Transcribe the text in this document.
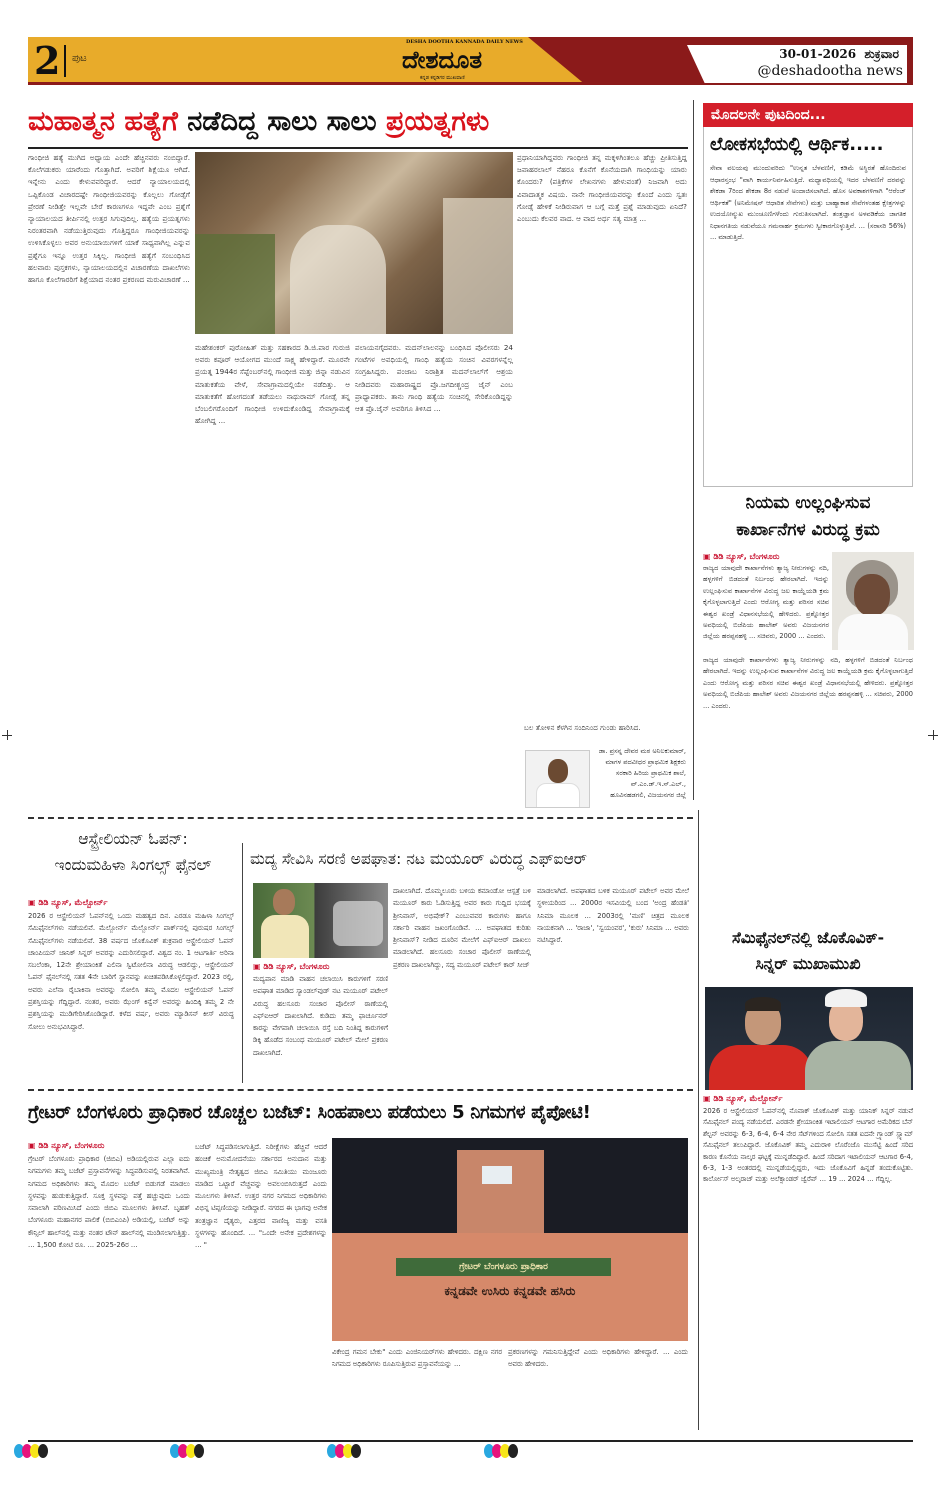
2 ಪುಟ
DESHA DOOTHA KANNADA DAILY NEWS
ದೇಶದೂತ
ಕನ್ನಡ ಕನ್ನಡಿಗರ ಮುಖವಾಣಿ
30-01-2026 ಶುಕ್ರವಾರ
@deshadootha news
ಮಹಾತ್ಮನ ಹತ್ಯೆಗೆ ನಡೆದಿದ್ದ ಸಾಲು ಸಾಲು ಪ್ರಯತ್ನಗಳು
ಗಾಂಧೀಜಿ ಹತ್ಯೆ ಮುಗಿದ ಅಧ್ಯಾಯ ಎಂದೇ ಹೆಚ್ಚಿನವರು ನಂಬಿದ್ದಾರೆ. ಕೊಲೆಗಡುಕರು ಯಾರೆಂದು ಗೊತ್ತಾಗಿದೆ. ಅವರಿಗೆ ಶಿಕ್ಷೆಯೂ ಆಗಿದೆ. ಇನ್ನೇನು ಎಂದು ಕೇಳುವವರಿದ್ದಾರೆ. ಆದರೆ ನ್ಯಾಯಾಲಯದಲ್ಲಿ ಒಪ್ಪಿಕೊಂಡ ವಿಚಾರದಷ್ಟೇ ಗಾಂಧೀಜಿಯವರನ್ನು ಕೊಲ್ಲಲು ಗೋಡ್ಸೆಗೆ ಪ್ರೇರಣೆ ನೀಡಿತ್ತೇ ಇಲ್ಲವೇ ಬೇರೆ ಕಾರಣಗಳೂ ಇದ್ದವೇ ಎಂಬ ಪ್ರಶ್ನೆಗೆ ನ್ಯಾಯಾಲಯದ ತೀರ್ಪಿನಲ್ಲಿ ಉತ್ತರ ಸಿಗುವುದಿಲ್ಲ. ಹತ್ಯೆಯ ಪ್ರಯತ್ನಗಳು ನಿರಂತರವಾಗಿ ನಡೆಯುತ್ತಿರುವುದು ಗೊತ್ತಿದ್ದರೂ ಗಾಂಧೀಜಿಯವರನ್ನು ಉಳಿಸಿಕೊಳ್ಳಲು ಅವರ ಅನುಯಾಯಿಗಳಿಗೆ ಯಾಕೆ ಸಾಧ್ಯವಾಗಿಲ್ಲ ಎನ್ನುವ ಪ್ರಶ್ನೆಗೂ ಇನ್ನೂ ಉತ್ತರ ಸಿಕ್ಕಿಲ್ಲ. ಗಾಂಧೀಜಿ ಹತ್ಯೆಗೆ ಸಂಬಂಧಿಸಿದ ಹಲವಾರು ಪುಸ್ತಕಗಳು, ನ್ಯಾಯಾಲಯದಲ್ಲಿನ ವಿಚಾರಣೆಯ ದಾಖಲೆಗಳು ಹಾಗೂ ಕೊಲೆಗಾರರಿಗೆ ಶಿಕ್ಷೆಯಾದ ನಂತರ ಪ್ರಕರಣದ ಮರುವಿಚಾರಣೆ ...
ಮಹೇಶಂಕರ್ ಪುರೋಹಿತ್ ಮತ್ತು ಸಹಕಾರದ ಡಿ.ಜಿ.ಪಾರ ಗುರುಜಿ ಅವರು ಕಪೂರ್ ಆಯೋಗದ ಮುಂದೆ ಸಾಕ್ಷ್ಯ ಹೇಳಿದ್ದಾರೆ. ಮೂರನೇ ಪ್ರಯತ್ನ 1944ರ ಸೆಪ್ಟೆಂಬರ್‌ನಲ್ಲಿ ಗಾಂಧೀಜಿ ಮತ್ತು ಜಿನ್ನಾ ನಡುವಿನ ಮಾತುಕತೆಯ ವೇಳೆ, ಸೇವಾಗ್ರಾಮದಲ್ಲಿಯೇ ನಡೆದಿತ್ತು. ಆ ಮಾತುಕತೆಗೆ ಹೋಗದಂತೆ ತಡೆಯಲು ನಾಥುರಾಮ್ ಗೋಡ್ಸೆ ತನ್ನ ಬೆಂಬಲಿಗರೊಂದಿಗೆ ಗಾಂಧೀಜಿ ಉಳಿದುಕೊಂಡಿದ್ದ ಸೇವಾಗ್ರಾಮಕ್ಕೆ ಹೋಗಿದ್ದ ...
ಪಲಾಯನಗೈದವರು. ಮದನ್‌ಲಾಲನನ್ನು ಬಂಧಿಸಿದ ಪೊಲೀಸರು 24 ಗಂಟೆಗಳ ಅವಧಿಯಲ್ಲಿ ಗಾಂಧಿ ಹತ್ಯೆಯ ಸಂಚಿನ ವಿವರಗಳನ್ನೆಲ್ಲ ಸಂಗ್ರಹಿಸಿದ್ದರು. ಪಂಜಾಬ ನಿರಾಶ್ರಿತ ಮದನ್‌ಲಾಲ್‌ಗೆ ಆಶ್ರಯ ನೀಡಿದವರು ಮಹಾರಾಷ್ಟ್ರದ ಪ್ರೊ.ಜಗದೀಶ್ಚಂದ್ರ ಜೈನ್ ಎಂಬ ಪ್ರಾಧ್ಯಾಪಕರು. ತಾನು ಗಾಂಧಿ ಹತ್ಯೆಯ ಸಂಚಿನಲ್ಲಿ ಸೇರಿಕೊಂಡಿದ್ದನ್ನು ಆತ ಪ್ರೊ.ಜೈನ್ ಅವರಿಗೂ ತಿಳಿಸಿದ ...
ಪ್ರಧಾನಿಯಾಗಿದ್ದವರು ಗಾಂಧೀಜಿ ತನ್ನ ಮಕ್ಕಳಿಗಿಂತಲೂ ಹೆಚ್ಚು ಪ್ರೀತಿಸುತ್ತಿದ್ದ ಜವಾಹರಲಾಲ್ ನೆಹರೂ ಕೊನೆಗೆ ಕೊನೆಯದಾಗಿ ಗಾಂಧಿಯನ್ನು ಯಾರು ಕೊಂದರು? (ಪತ್ರಿಕೆಗಳ ಲೇಖನಗಳು ಹೇಳುವಂತೆ) ನಿಜವಾಗಿ ಅದು ವಿವಾದಾತ್ಮಕ ವಿಷಯ. ನಾನೇ ಗಾಂಧೀಜಿಯವರನ್ನು ಕೊಂದೆ ಎಂದು ಸ್ವತಃ ಗೋಡ್ಸೆ ಹೇಳಿಕೆ ನೀಡಿರುವಾಗ ಆ ಬಗ್ಗೆ ಮತ್ತೆ ಪ್ರಶ್ನೆ ಮಾಡುವುದು ಏನಿದೆ? ಎಂಬುದು ಕೆಲವರ ವಾದ. ಆ ವಾದ ಅರ್ಧ ಸತ್ಯ ಮಾತ್ರ ...
ಬಲ ತೋಳಿನ ಕೆಳಗಿನ ಸಂದಿನಿಂದ ಗುಂಡು ಹಾರಿಸಿದ.
ಡಾ. ಪ್ರಸನ್ನ ದೇವರ ಮಠ ಅನಿಲಕುಮಾರ್, ಮಾಗಳ ಪದವೀಧರ ಪ್ರಾಥಮಿಕ ಶಿಕ್ಷಕರು ಸರಕಾರಿ ಹಿರಿಯ ಪ್ರಾಥಮಿಕ ಶಾಲೆ, ವ್.ಎಂ.ಡ್.ಇ.ಸ್.ಎಲ್., ಹೂವಿನಹಡಗಲಿ, ವಿಜಯನಗರ ಜಿಲ್ಲೆ
ಮೊದಲನೇ ಪುಟದಿಂದ...
ಲೋಕಸಭೆಯಲ್ಲಿ ಆರ್ಥಿಕ.....
ಸೇವಾ ವಲಯವು ಮುಂದುವರಿದು "ಉನ್ನತ ಬೆಳವಣಿಗೆ, ಕಡಿಮೆ ಅಸ್ಥಿರತೆ ಹೊಂದಿರುವ ಆಧಾರಸ್ತಂಭ "ವಾಗಿ ಕಾರ್ಯನಿರ್ವಹಿಸುತ್ತಿದೆ. ಮಧ್ಯಾವಧಿಯಲ್ಲಿ ಇದರ ಬೆಳವಣಿಗೆ ದರವನ್ನು ಶೇಕಡಾ 7ರಿಂದ ಶೇಕಡಾ 8ರ ನಡುವೆ ಅಂದಾಜಿಸಲಾಗಿದೆ. ಹೊಸ ಅವಕಾಶಗಳಿಗಾಗಿ "ಆರೆಂಜ್ ಆರ್ಥಿಕತೆ" (ಅನಿಮೇಷನ್ ಆಧಾರಿತ ಸೇವೆಗಳು) ಮತ್ತು ಬಾಹ್ಯಾಕಾಶ ಸೇವೆಗಳಂತಹ ಕ್ಷೇತ್ರಗಳನ್ನು ಉದಯೋನ್ಮುಖ ಮುಂಚೂಣಿಗಳೆಂದು ಗುರುತಿಸಲಾಗಿದೆ. ತಂತ್ರಜ್ಞಾನ ಅಳವಡಿಕೆಯ ಜಾಗತಿಕ ನಿಧಾನಗತಿಯ ನಡುವೆಯೂ ಗಮನಾರ್ಹ ಕ್ರಮಗಳು ಸ್ವೀಕಾರಗೊಳ್ಳುತ್ತಿವೆ. ... (ಸರಾಸರಿ 56%) ... ಮಾಡುತ್ತಿದೆ.
ನಿಯಮ ಉಲ್ಲಂಘಿಸುವ
ಕಾರ್ಖಾನೆಗಳ ವಿರುದ್ಧ ಕ್ರಮ
▣ ಡಿಡಿ ನ್ಯೂಸ್, ಬೆಂಗಳೂರು
ರಾಜ್ಯದ ಯಾವುದೇ ಕಾರ್ಖಾನೆಗಳು ತ್ಯಾಜ್ಯ ನೀರುಗಳನ್ನು ನದಿ, ಹಳ್ಳಗಳಿಗೆ ಬಿಡದಂತೆ ನಿರ್ಬಂಧ ಹೇರಲಾಗಿದೆ. ಇದನ್ನು ಉಲ್ಲಂಘಿಸುವ ಕಾರ್ಖಾನೆಗಳ ವಿರುದ್ಧ ಜಲ ಕಾಯ್ದೆಯಡಿ ಕ್ರಮ ಕೈಗೊಳ್ಳಲಾಗುತ್ತಿದೆ ಎಂದು ಆರೋಗ್ಯ ಮತ್ತು ಪರಿಸರ ಸಚಿವ ಈಶ್ವರ ಖಂಡ್ರೆ ವಿಧಾನಸಭೆಯಲ್ಲಿ ಹೇಳಿದರು. ಪ್ರಶ್ನೋತ್ತರ ಅವಧಿಯಲ್ಲಿ ಬಿಜೆಪಿಯ ಹಾಲೇಶ್ ಅವರು ವಿಜಯನಗರ ಜಿಲ್ಲೆಯ ಹರಪ್ಪನಹಳ್ಳಿ ... ಸಚಿವರು, 2000 ... ಎಂದರು.
ರಾಜ್ಯದ ಯಾವುದೇ ಕಾರ್ಖಾನೆಗಳು ತ್ಯಾಜ್ಯ ನೀರುಗಳನ್ನು ನದಿ, ಹಳ್ಳಗಳಿಗೆ ಬಿಡದಂತೆ ನಿರ್ಬಂಧ ಹೇರಲಾಗಿದೆ. ಇದನ್ನು ಉಲ್ಲಂಘಿಸುವ ಕಾರ್ಖಾನೆಗಳ ವಿರುದ್ಧ ಜಲ ಕಾಯ್ದೆಯಡಿ ಕ್ರಮ ಕೈಗೊಳ್ಳಲಾಗುತ್ತಿದೆ ಎಂದು ಆರೋಗ್ಯ ಮತ್ತು ಪರಿಸರ ಸಚಿವ ಈಶ್ವರ ಖಂಡ್ರೆ ವಿಧಾನಸಭೆಯಲ್ಲಿ ಹೇಳಿದರು. ಪ್ರಶ್ನೋತ್ತರ ಅವಧಿಯಲ್ಲಿ ಬಿಜೆಪಿಯ ಹಾಲೇಶ್ ಅವರು ವಿಜಯನಗರ ಜಿಲ್ಲೆಯ ಹರಪ್ಪನಹಳ್ಳಿ ... ಸಚಿವರು, 2000 ... ಎಂದರು.
ಸೆಮಿಫೈನಲ್‌ನಲ್ಲಿ ಜೊಕೊವಿಕ್-
ಸಿನ್ನರ್ ಮುಖಾಮುಖಿ
▣ ಡಿಡಿ ನ್ಯೂಸ್, ಮೆಲ್ಬೋರ್ನ್
2026 ರ ಆಸ್ಟ್ರೇಲಿಯನ್ ಓಪನ್‌ನಲ್ಲಿ ನೊವಾಕ್ ಜೊಕೊವಿಕ್ ಮತ್ತು ಯಾನಿಕ್ ಸಿನ್ನರ್ ನಡುವೆ ಸೆಮಿಫೈನಲ್ ಪಂದ್ಯ ನಡೆಯಲಿದೆ. ಎರಡನೇ ಶ್ರೇಯಾಂಕಿತ ಇಟಾಲಿಯನ್ ಆಟಗಾರ ಅಮೆರಿಕದ ಬೆನ್ ಶೆಲ್ಟನ್ ಅವರನ್ನು 6-3, 6-4, 6-4 ನೇರ ಸೆಟ್‌ಗಳಿಂದ ಸೋಲಿಸಿ ಸತತ ಐದನೇ ಗ್ರ್ಯಾಂಡ್ ಸ್ಲ್ಯಾಮ್ ಸೆಮಿಫೈನಲ್ ತಲುಪಿದ್ದಾರೆ. ಜೊಕೊವಿಕ್ ತಮ್ಮ ಎದುರಾಳಿ ಲೊರೆಂಜೊ ಮುಸೆಟ್ಟಿ ಹಿಂದೆ ಸರಿದ ಕಾರಣ ಕೊನೆಯ ನಾಲ್ಕರ ಘಟ್ಟಕ್ಕೆ ಮುನ್ನಡೆದಿದ್ದಾರೆ. ಹಿಂದೆ ಸರಿದಾಗ ಇಟಾಲಿಯನ್ ಆಟಗಾರ 6-4, 6-3, 1-3 ಅಂತರದಲ್ಲಿ ಮುನ್ನಡೆಯಲ್ಲಿದ್ದರು, ಇದು ಜೊಕೊವಿಗೆ ಹಿನ್ನಡೆ ತಂದುಕೊಟ್ಟಿತು. ಕಾರ್ಲೋಸ್ ಅಲ್ಕರಾಜ್ ಮತ್ತು ಅಲೆಕ್ಸಾಂಡರ್ ಜ್ವೆರೆವ್ ... 19 ... 2024 ... ಗೆದ್ದಿಲ್ಲ.
ಆಸ್ಟ್ರೇಲಿಯನ್ ಓಪನ್:
ಇಂದುಮಹಿಳಾ ಸಿಂಗಲ್ಸ್ ಫೈನಲ್
▣ ಡಿಡಿ ನ್ಯೂಸ್, ಮೆಲ್ಬೋರ್ನ್
2026 ರ ಆಸ್ಟ್ರೇಲಿಯನ್ ಓಪನ್‌ನಲ್ಲಿ ಒಂದು ಮಹತ್ವದ ದಿನ. ಎರಡೂ ಮಹಿಳಾ ಸಿಂಗಲ್ಸ್ ಸೆಮಿಫೈನಲ್‌ಗಳು ನಡೆಯಲಿವೆ. ಮೆಲ್ಬೋರ್ನ್ ಮೆಲ್ಬೋರ್ನ್ ಪಾರ್ಕ್‌ನಲ್ಲಿ ಪುರುಷರ ಸಿಂಗಲ್ಸ್ ಸೆಮಿಫೈನಲ್‌ಗಳು ನಡೆಯಲಿವೆ. 38 ವರ್ಷದ ಜೊಕೊವಿಕ್ ಶುಕ್ರವಾರ ಆಸ್ಟ್ರೇಲಿಯನ್ ಓಪನ್ ಚಾಂಪಿಯನ್ ಜಾನಿಕ್ ಸಿನ್ನರ್ ಅವರನ್ನು ಎದುರಿಸಲಿದ್ದಾರೆ. ವಿಶ್ವದ ನಂ. 1 ಆಟಗಾರ್ತಿ ಅರಿನಾ ಸಬಲೆಂಕಾ, 12ನೇ ಶ್ರೇಯಾಂಕಿತೆ ಎಲಿನಾ ಸ್ವಿಟೋಲಿನಾ ವಿರುದ್ಧ ಆಡಲಿದ್ದು, ಆಸ್ಟ್ರೇಲಿಯನ್ ಓಪನ್ ಫೈನಲ್‌ನಲ್ಲಿ ಸತತ 4ನೇ ಬಾರಿಗೆ ಸ್ಥಾನವನ್ನು ಖಚಿತಪಡಿಸಿಕೊಳ್ಳಲಿದ್ದಾರೆ. 2023 ರಲ್ಲಿ, ಅವರು ಎಲೆನಾ ರೈಬಾಕಿನಾ ಅವರನ್ನು ಸೋಲಿಸಿ ತಮ್ಮ ಮೊದಲ ಆಸ್ಟ್ರೇಲಿಯನ್ ಓಪನ್ ಪ್ರಶಸ್ತಿಯನ್ನು ಗೆದ್ದಿದ್ದಾರೆ. ನಂತರ, ಅವರು ಝೆಂಗ್ ಕಿನ್ವೆನ್ ಅವರನ್ನು ಹಿಂದಿಕ್ಕಿ ತಮ್ಮ 2 ನೇ ಪ್ರಶಸ್ತಿಯನ್ನು ಮುಡಿಗೇರಿಸಿಕೊಂಡಿದ್ದಾರೆ. ಕಳೆದ ವರ್ಷ, ಅವರು ಮ್ಯಾಡಿಸನ್ ಕೀಸ್ ವಿರುದ್ಧ ಸೋಲು ಅನುಭವಿಸಿದ್ದಾರೆ.
ಮದ್ಯ ಸೇವಿಸಿ ಸರಣಿ ಅಪಘಾತ: ನಟ ಮಯೂರ್ ವಿರುದ್ಧ ಎಫ್‌ಐಆರ್
▣ ಡಿಡಿ ನ್ಯೂಸ್, ಬೆಂಗಳೂರು
ಮದ್ಯಪಾನ ಮಾಡಿ ವಾಹನ ಚಲಾಯಿಸಿ ಕಾರುಗಳಿಗೆ ಸರಣಿ ಅಪಘಾತ ಮಾಡಿದ ಸ್ಯಾಂಡಲ್‌ವುಡ್ ನಟ ಮಯೂರ್ ಪಟೇಲ್ ವಿರುದ್ಧ ಹಲಸೂರು ಸಂಚಾರ ಪೊಲೀಸ್ ಠಾಣೆಯಲ್ಲಿ ಎಫ್‌ಐಆರ್ ದಾಖಲಾಗಿದೆ. ಕುಡಿದು ತಮ್ಮ ಫಾರ್ಚೂನರ್ ಕಾರನ್ನು ವೇಗವಾಗಿ ಚಲಾಯಿಸಿ ರಸ್ತೆ ಬದಿ ನಿಂತಿದ್ದ ಕಾರುಗಳಿಗೆ ಡಿಕ್ಕಿ ಹೊಡೆದ ಸಂಬಂಧ ಮಯೂರ್ ಪಟೇಲ್ ಮೇಲೆ ಪ್ರಕರಣ ದಾಖಲಾಗಿದೆ.
ದಾಖಲಾಗಿದೆ. ದೊಮ್ಮಲೂರು ಬಳಿಯ ಕಮಾಂಡೋ ಆಸ್ಪತ್ರೆ ಬಳಿ ಮಯೂರ್ ಕಾರು ಓಡಿಸುತ್ತಿದ್ದ ಅವರ ಕಾರು ಗುದ್ದಿದ ಭಯಕ್ಕೆ ಶ್ರೀನಿವಾಸ್, ಅಭಿಷೇಕ್? ಎಂಬುವವರ ಕಾರುಗಳು ಹಾಗೂ ಸರ್ಕಾರಿ ವಾಹನ ಜಖಂಗೊಂಡಿವೆ. ... ಅಪಘಾತದ ಕುರಿತು ಶ್ರೀನಿವಾಸ್? ನೀಡಿದ ದೂರಿನ ಮೇಲೆಗೆ ಎಫ್‌ಐಆರ್ ದಾಖಲು ಮಾಡಲಾಗಿದೆ. ಹಲಸೂರು ಸಂಚಾರ ಪೊಲೀಸ್ ಠಾಣೆಯಲ್ಲಿ ಪ್ರಕರಣ ದಾಖಲಾಗಿದ್ದು, ಸದ್ಯ ಮಯೂರ್ ಪಟೇಲ್ ಕಾರ್ ಸೀಜ್
ಮಾಡಲಾಗಿದೆ. ಅಪಘಾತದ ಬಳಿಕ ಮಯೂರ್ ಪಟೇಲ್ ಅವರ ಮೇಲೆ ಸ್ಥಳೀಯರಿಂದ ... 2000ರ ಇಸವಿಯಲ್ಲಿ ಬಂದ 'ಅಂದ್ರ ಹೆಂಡತಿ' ಸಿನಿಮಾ ಮೂಲಕ ... 2003ರಲ್ಲಿ 'ಮಣಿ' ಚಿತ್ರದ ಮೂಲಕ ನಾಯಕನಾಗಿ ... 'ರಾಜಾ', 'ಸ್ವಯಂವರ', 'ಕುರು' ಸಿನಿಮಾ ... ಅವರು ನಟಿಸಿದ್ದಾರೆ.
ಗ್ರೇಟರ್ ಬೆಂಗಳೂರು ಪ್ರಾಧಿಕಾರ ಚೊಚ್ಚಲ ಬಜೆಟ್: ಸಿಂಹಪಾಲು ಪಡೆಯಲು 5 ನಿಗಮಗಳ ಪೈಪೋಟಿ!
▣ ಡಿಡಿ ನ್ಯೂಸ್, ಬೆಂಗಳೂರು
ಗ್ರೇಟರ್ ಬೆಂಗಳೂರು ಪ್ರಾಧಿಕಾರ (ಜಿಬಿಎ) ಅಡಿಯಲ್ಲಿರುವ ಎಲ್ಲಾ ಐದು ನಿಗಮಗಳು ತಮ್ಮ ಬಜೆಟ್ ಪ್ರಸ್ತಾವನೆಗಳನ್ನು ಸಿದ್ಧಪಡಿಸುವಲ್ಲಿ ನಿರತವಾಗಿವೆ. ನಿಗಮದ ಅಧಿಕಾರಿಗಳು ತಮ್ಮ ಮೊದಲ ಬಜೆಟ್ ಬಿಡುಗಡೆ ಮಾಡಲು ಸ್ಥಳವನ್ನು ಹುಡುಕುತ್ತಿದ್ದಾರೆ. ಸೂಕ್ತ ಸ್ಥಳವನ್ನು ಪತ್ತೆ ಹಚ್ಚುವುದು ಒಂದು ಸವಾಲಾಗಿ ಪರಿಣಮಿಸಿದೆ ಎಂದು ಜಿಬಿಎ ಮೂಲಗಳು ತಿಳಿಸಿವೆ. ಬೃಹತ್ ಬೆಂಗಳೂರು ಮಹಾನಗರ ಪಾಲಿಕೆ (ಬಿಬಿಎಂಪಿ) ಅಡಿಯಲ್ಲಿ, ಬಜೆಟ್ ಅನ್ನು ಕೌನ್ಸಿಲ್ ಹಾಲ್‌ನಲ್ಲಿ ಮತ್ತು ನಂತರ ಟೌನ್ ಹಾಲ್‌ನಲ್ಲಿ ಮಂಡಿಸಲಾಗುತ್ತಿತ್ತು. ... 1,500 ಕೋಟಿ ರೂ. ... 2025-26ರ ...
ಬಜೆಟ್ ಸಿದ್ಧಪಡಿಸಲಾಗುತ್ತಿದೆ. ನಿರೀಕ್ಷೆಗಳು ಹೆಚ್ಚಿವೆ ಆದರೆ ಹಂಚಿಕೆ ಅನುಮೋದನೆಯು ಸರ್ಕಾರದ ಅನುದಾನ ಮತ್ತು ಮುಖ್ಯಮಂತ್ರಿ ನೇತೃತ್ವದ ಜಿಬಿಎ ಸಮಿತಿಯು ಮಂಜೂರು ಮಾಡಿದ ಒಟ್ಟಾರೆ ವೆಚ್ಚವನ್ನು ಅವಲಂಬಿಸಿರುತ್ತದೆ ಎಂದು ಮೂಲಗಳು ತಿಳಿಸಿವೆ. ಉತ್ತರ ನಗರ ನಿಗಮದ ಅಧಿಕಾರಿಗಳು ವಿಭಿನ್ನ ಟಿಪ್ಪಣಿಯನ್ನು ನೀಡಿದ್ದಾರೆ. ನಗರದ ಈ ಭಾಗವು ಅನೇಕ ತಂತ್ರಜ್ಞಾನ ದೈತ್ಯರು, ಎತ್ತರದ ವಾಣಿಜ್ಯ ಮತ್ತು ವಸತಿ ಸ್ಥಳಗಳನ್ನು ಹೊಂದಿದೆ. ... "ಒಂದೇ ಅನೇಕ ಪ್ರದೇಶಗಳನ್ನು ... "
ಗ್ರೇಟರ್ ಬೆಂಗಳೂರು ಪ್ರಾಧಿಕಾರ
ಕನ್ನಡವೇ ಉಸಿರು ಕನ್ನಡವೇ ಹಸಿರು
ವಿಕೇಂದ್ರ ಗಮನ ಬೇಕು" ಎಂದು ಎಂಜಿನಿಯರ್‌ಗಳು ಹೇಳಿದರು. ದಕ್ಷಿಣ ನಗರ ನಿಗಮದ ಅಧಿಕಾರಿಗಳು ರೂಪಿಸುತ್ತಿರುವ ಪ್ರಸ್ತಾವನೆಯನ್ನು ...
ಪ್ರಕರಣಗಳನ್ನು ಗಮನಿಸುತ್ತಿದ್ದೇವೆ ಎಂದು ಅಧಿಕಾರಿಗಳು ಹೇಳಿದ್ದಾರೆ. ... ಎಂದು ಅವರು ಹೇಳಿದರು.
